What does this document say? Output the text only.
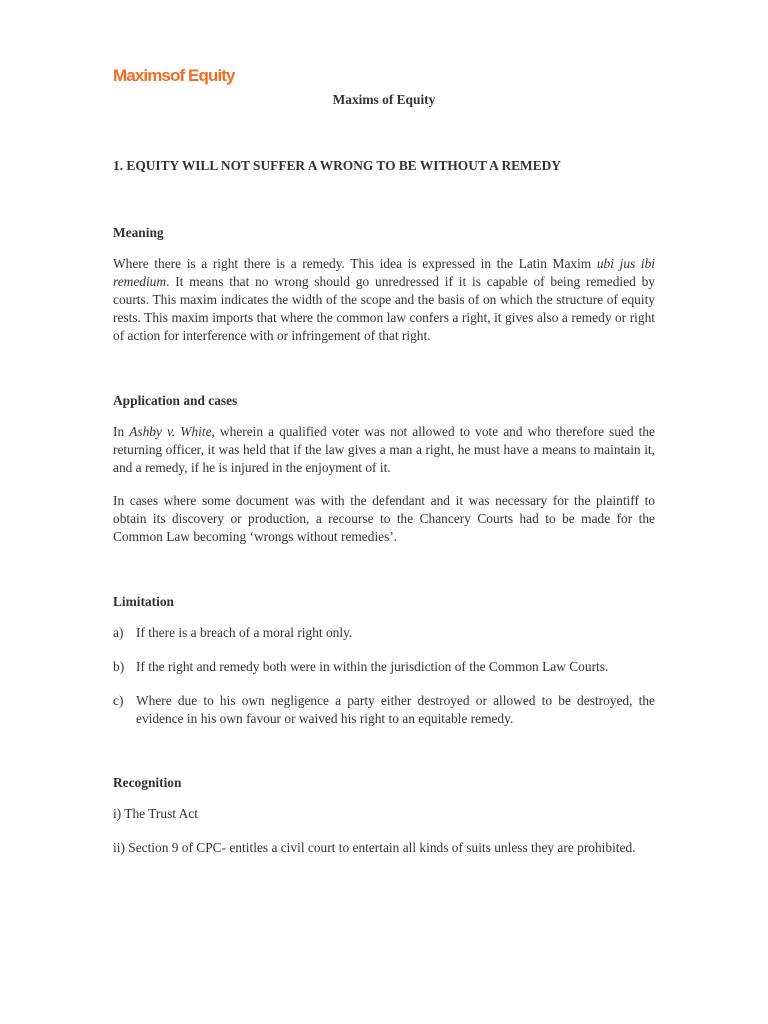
Maximsof Equity
Maxims of Equity
1. EQUITY WILL NOT SUFFER A WRONG TO BE WITHOUT A REMEDY
Meaning

Where there is a right there is a remedy. This idea is expressed in the Latin Maxim ubi jus ibi remedium. It means that no wrong should go unredressed if it is capable of being remedied by courts. This maxim indicates the width of the scope and the basis of on which the structure of equity rests. This maxim imports that where the common law confers a right, it gives also a remedy or right of action for interference with or infringement of that right.

Application and cases

In Ashby v. White, wherein a qualified voter was not allowed to vote and who therefore sued the returning officer, it was held that if the law gives a man a right, he must have a means to maintain it, and a remedy, if he is injured in the enjoyment of it.

In cases where some document was with the defendant and it was necessary for the plaintiff to obtain its discovery or production, a recourse to the Chancery Courts had to be made for the Common Law becoming ‘wrongs without remedies’.

Limitation
a) If there is a breach of a moral right only.
b) If the right and remedy both were in within the jurisdiction of the Common Law Courts.
c) Where due to his own negligence a party either destroyed or allowed to be destroyed, the evidence in his own favour or waived his right to an equitable remedy.
Recognition

i) The Trust Act

ii) Section 9 of CPC- entitles a civil court to entertain all kinds of suits unless they are prohibited.
